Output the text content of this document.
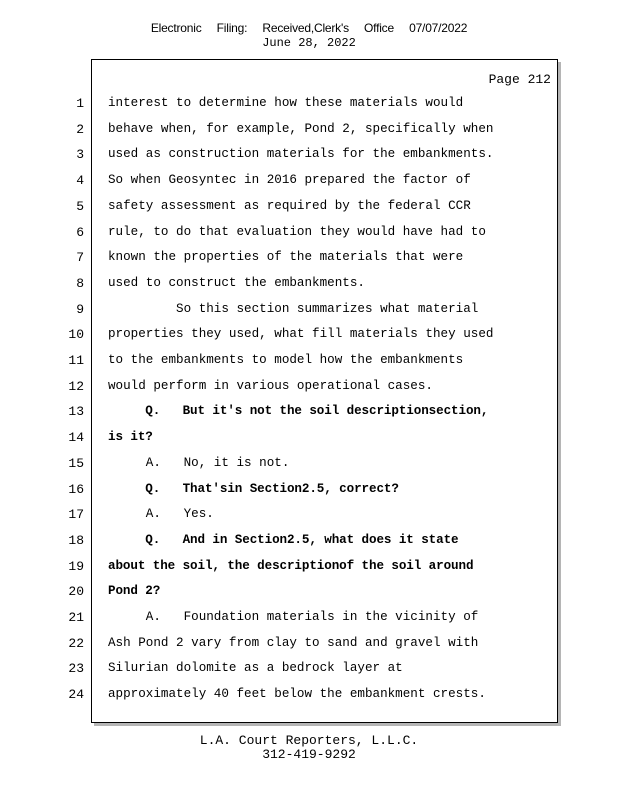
Electronic Filing: Received,Clerk's Office 07/07/2022
June 28, 2022
Page 212
1 interest to determine how these materials would
2 behave when, for example, Pond 2, specifically when
3 used as construction materials for the embankments.
4 So when Geosyntec in 2016 prepared the factor of
5 safety assessment as required by the federal CCR
6 rule, to do that evaluation they would have had to
7 known the properties of the materials that were
8 used to construct the embankments.
9 So this section summarizes what material
10 properties they used, what fill materials they used
11 to the embankments to model how the embankments
12 would perform in various operational cases.
13 Q.   But it's not the soil descriptionsection,
14 is it?
15 A.   No, it is not.
16 Q.   That'sin Section2.5, correct?
17 A.   Yes.
18 Q.   And in Section2.5, what does it state
19 about the soil, the descriptionof the soil around
20 Pond 2?
21 A.   Foundation materials in the vicinity of
22 Ash Pond 2 vary from clay to sand and gravel with
23 Silurian dolomite as a bedrock layer at
24 approximately 40 feet below the embankment crests.
L.A. Court Reporters, L.L.C.
312-419-9292
